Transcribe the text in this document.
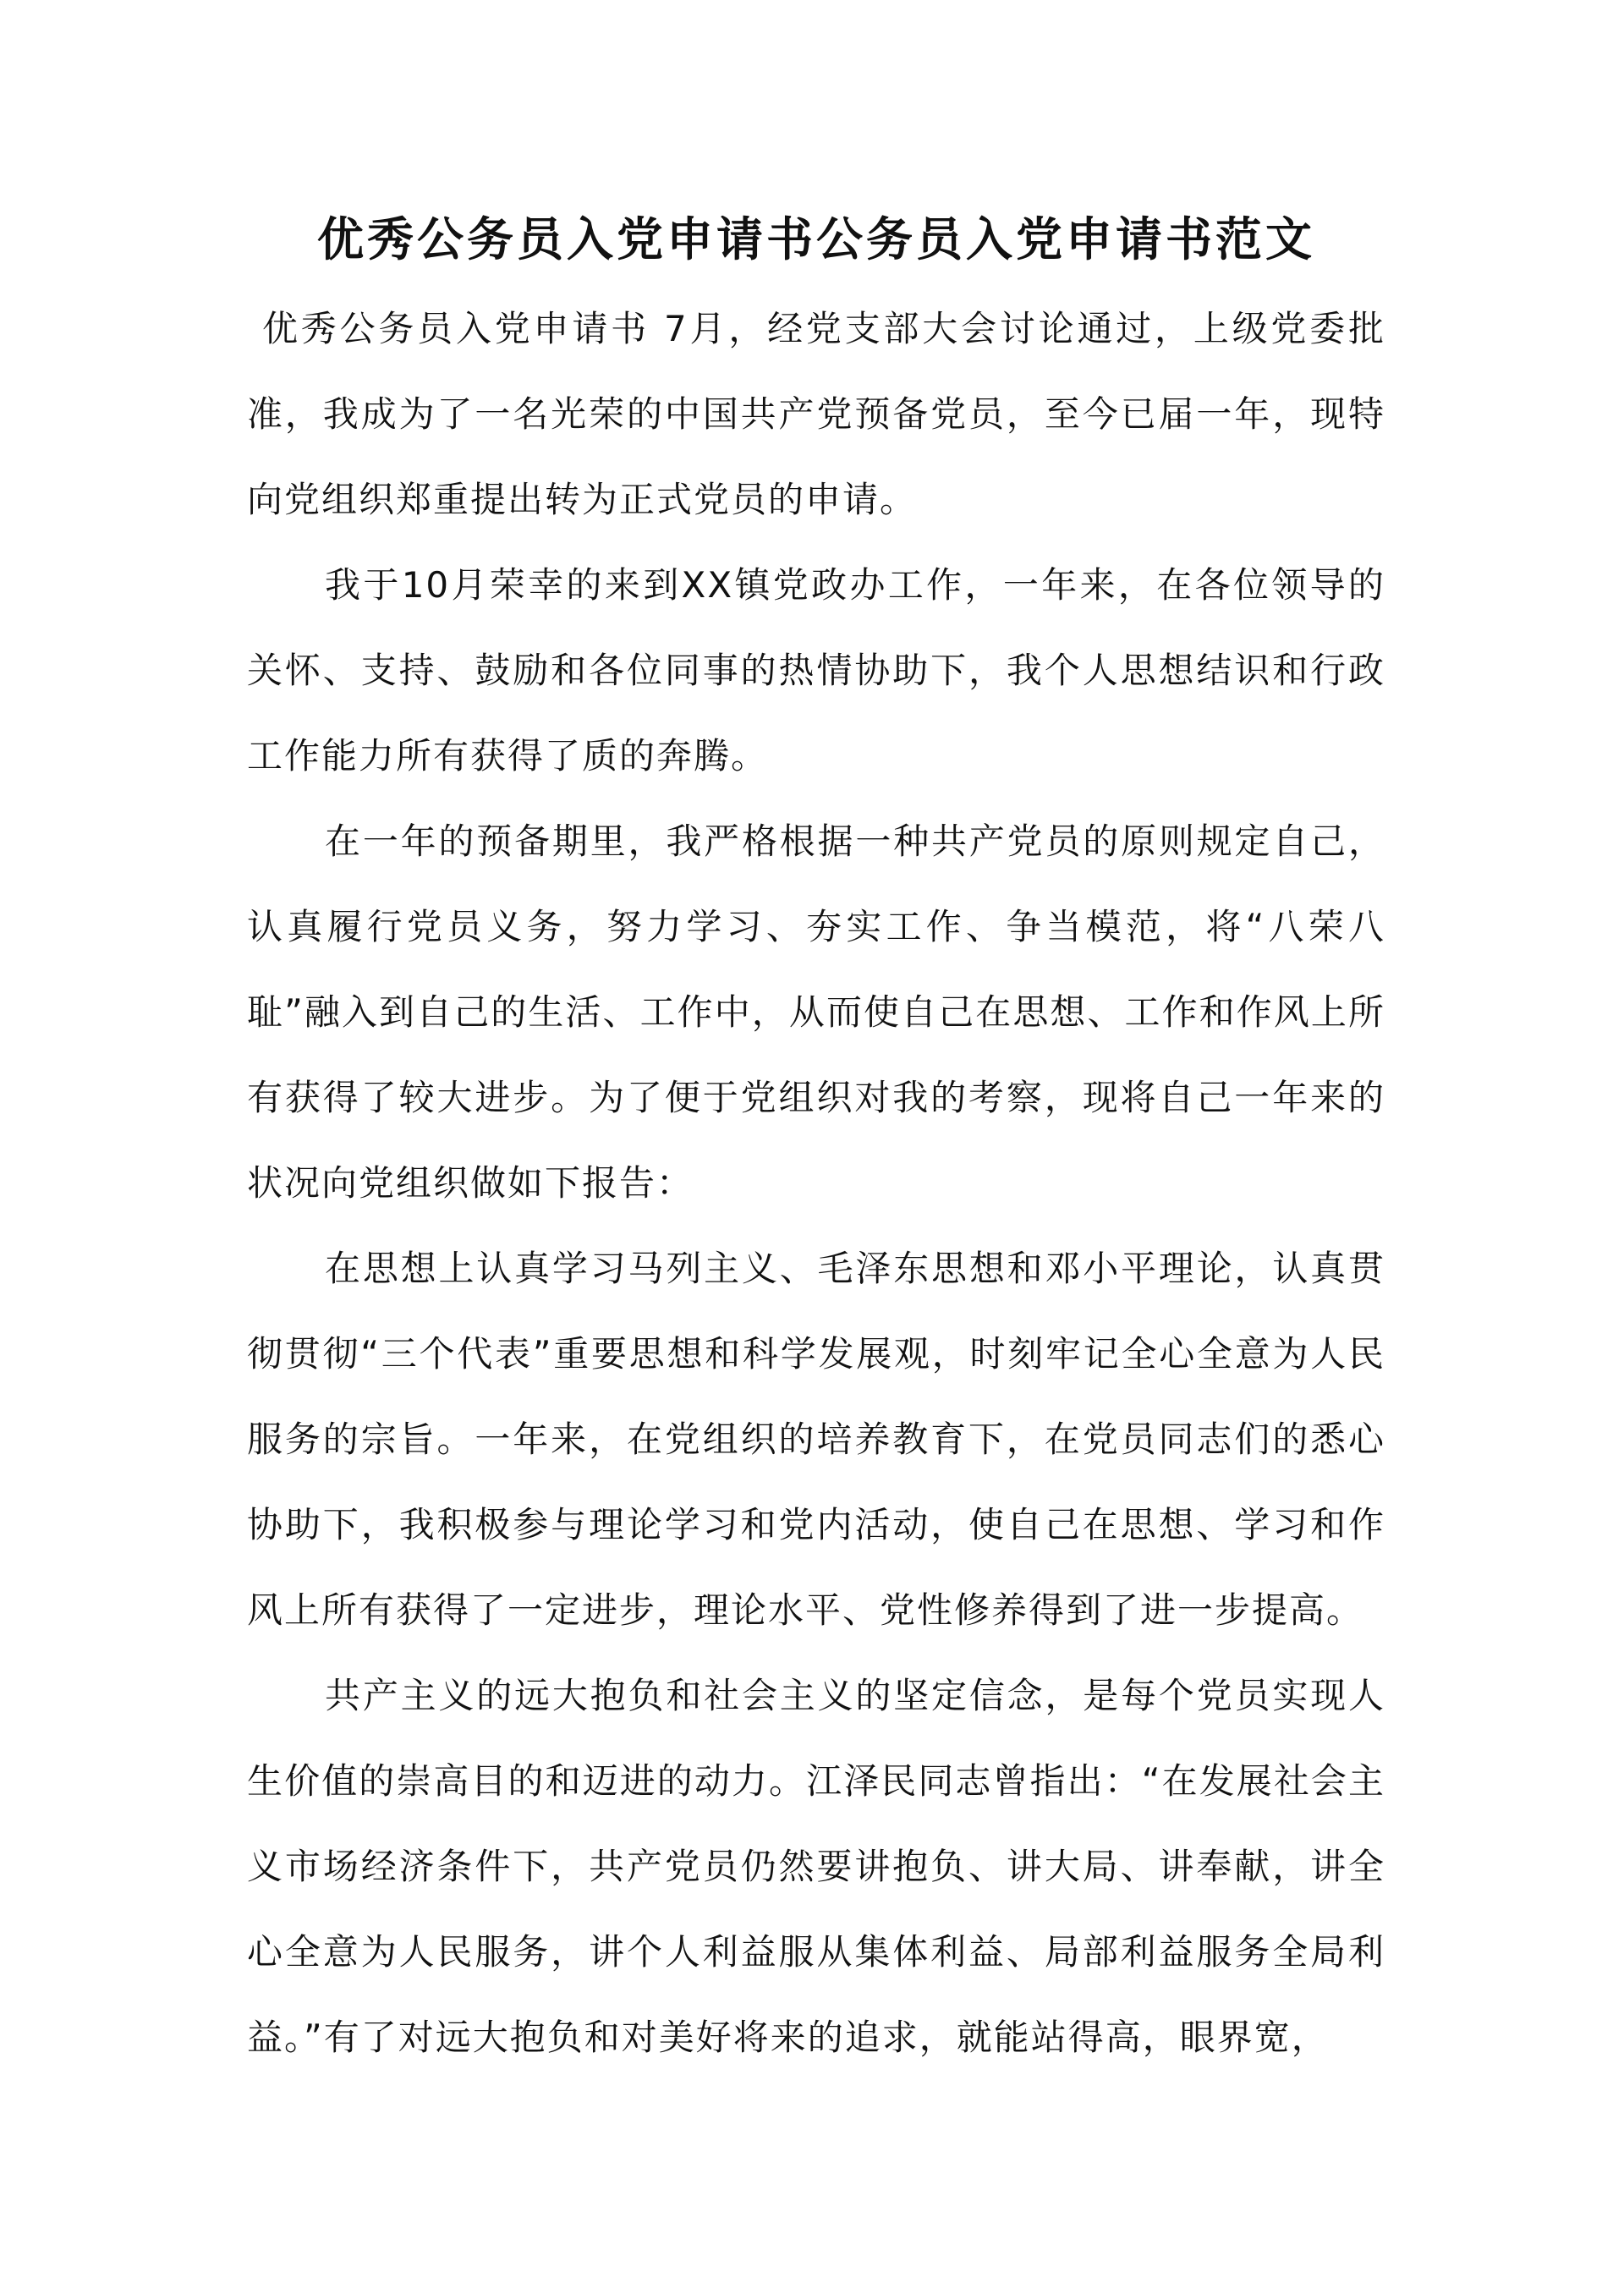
优秀公务员入党申请书公务员入党申请书范文

优秀公务员入党申请书 7月，经党支部大会讨论通过，上级党委批准，我成为了一名光荣的中国共产党预备党员，至今已届一年，现特向党组织郑重提出转为正式党员的申请。

我于10月荣幸的来到XX镇党政办工作，一年来，在各位领导的关怀、支持、鼓励和各位同事的热情协助下，我个人思想结识和行政工作能力所有获得了质的奔腾。

在一年的预备期里，我严格根据一种共产党员的原则规定自己，认真履行党员义务，努力学习、夯实工作、争当模范，将“八荣八耻”融入到自己的生活、工作中，从而使自己在思想、工作和作风上所有获得了较大进步。为了便于党组织对我的考察，现将自己一年来的状况向党组织做如下报告：

在思想上认真学习马列主义、毛泽东思想和邓小平理论，认真贯彻贯彻“三个代表”重要思想和科学发展观，时刻牢记全心全意为人民服务的宗旨。一年来，在党组织的培养教育下，在党员同志们的悉心协助下，我积极参与理论学习和党内活动，使自己在思想、学习和作风上所有获得了一定进步，理论水平、党性修养得到了进一步提高。

共产主义的远大抱负和社会主义的坚定信念，是每个党员实现人生价值的崇高目的和迈进的动力。江泽民同志曾指出：“在发展社会主义市场经济条件下，共产党员仍然要讲抱负、讲大局、讲奉献，讲全心全意为人民服务，讲个人利益服从集体利益、局部利益服务全局利益。”有了对远大抱负和对美好将来的追求，就能站得高，眼界宽，
